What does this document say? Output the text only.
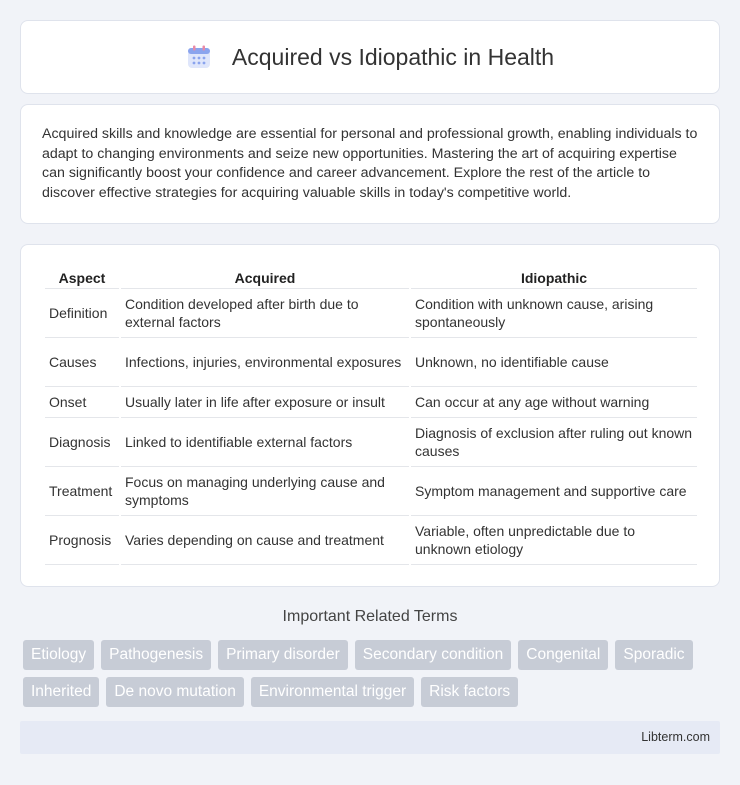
Acquired vs Idiopathic in Health

Acquired skills and knowledge are essential for personal and professional growth, enabling individuals to adapt to changing environments and seize new opportunities. Mastering the art of acquiring expertise can significantly boost your confidence and career advancement. Explore the rest of the article to discover effective strategies for acquiring valuable skills in today's competitive world.

Aspect	Acquired	Idiopathic
Definition	Condition developed after birth due to external factors	Condition with unknown cause, arising spontaneously
Causes	Infections, injuries, environmental exposures	Unknown, no identifiable cause
Onset	Usually later in life after exposure or insult	Can occur at any age without warning
Diagnosis	Linked to identifiable external factors	Diagnosis of exclusion after ruling out known causes
Treatment	Focus on managing underlying cause and symptoms	Symptom management and supportive care
Prognosis	Varies depending on cause and treatment	Variable, often unpredictable due to unknown etiology
Important Related Terms
Etiology	Pathogenesis	Primary disorder	Secondary condition	Congenital	Sporadic
Inherited	De novo mutation	Environmental trigger	Risk factors
Libterm.com
